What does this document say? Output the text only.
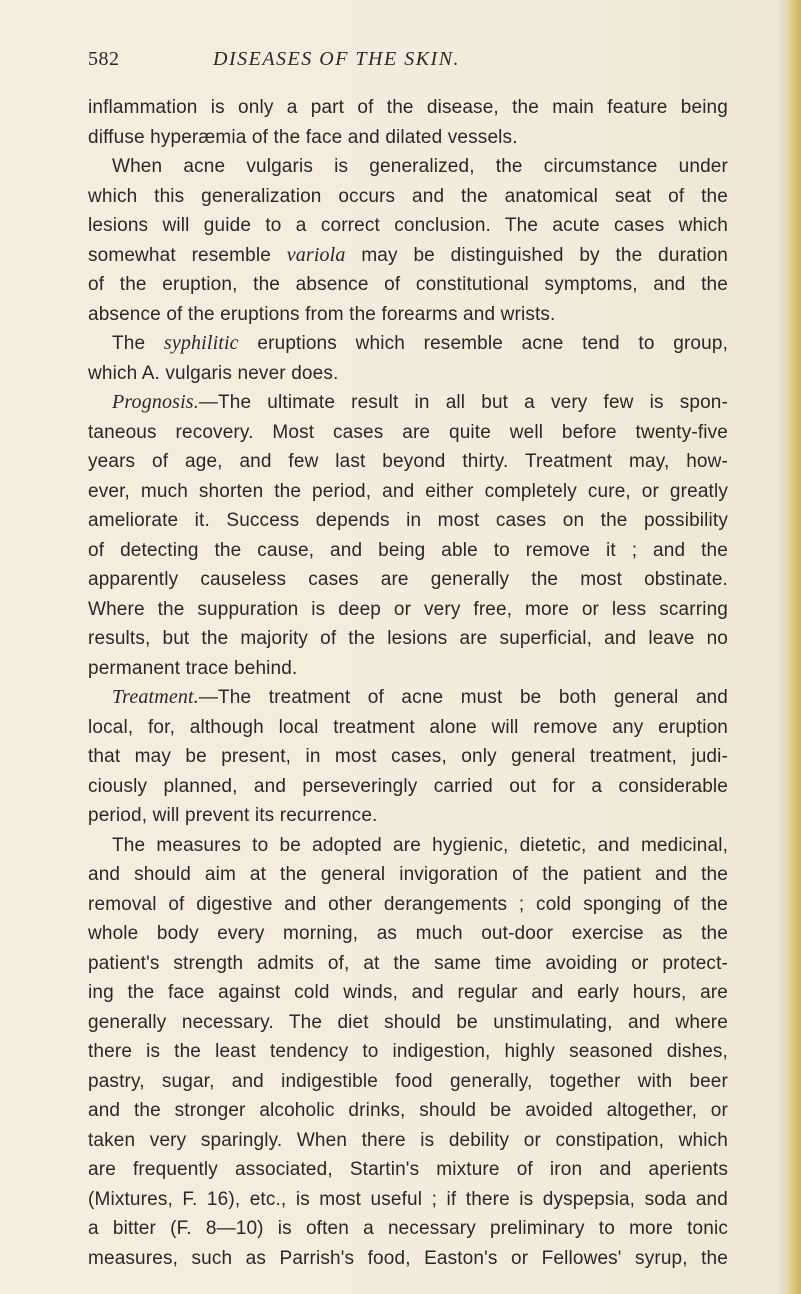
582	DISEASES OF THE SKIN.
inflammation is only a part of the disease, the main feature being
diffuse hyperæmia of the face and dilated vessels.
When acne vulgaris is generalized, the circumstance under
which this generalization occurs and the anatomical seat of the
lesions will guide to a correct conclusion. The acute cases which
somewhat resemble variola may be distinguished by the duration
of the eruption, the absence of constitutional symptoms, and the
absence of the eruptions from the forearms and wrists.
The syphilitic eruptions which resemble acne tend to group,
which A. vulgaris never does.
Prognosis.—The ultimate result in all but a very few is spon-
taneous recovery. Most cases are quite well before twenty-five
years of age, and few last beyond thirty. Treatment may, how-
ever, much shorten the period, and either completely cure, or greatly
ameliorate it. Success depends in most cases on the possibility
of detecting the cause, and being able to remove it ; and the
apparently causeless cases are generally the most obstinate.
Where the suppuration is deep or very free, more or less scarring
results, but the majority of the lesions are superficial, and leave no
permanent trace behind.
Treatment.—The treatment of acne must be both general and
local, for, although local treatment alone will remove any eruption
that may be present, in most cases, only general treatment, judi-
ciously planned, and perseveringly carried out for a considerable
period, will prevent its recurrence.
The measures to be adopted are hygienic, dietetic, and medicinal,
and should aim at the general invigoration of the patient and the
removal of digestive and other derangements ; cold sponging of the
whole body every morning, as much out-door exercise as the
patient's strength admits of, at the same time avoiding or protect-
ing the face against cold winds, and regular and early hours, are
generally necessary. The diet should be unstimulating, and where
there is the least tendency to indigestion, highly seasoned dishes,
pastry, sugar, and indigestible food generally, together with beer
and the stronger alcoholic drinks, should be avoided altogether, or
taken very sparingly. When there is debility or constipation, which
are frequently associated, Startin's mixture of iron and aperients
(Mixtures, F. 16), etc., is most useful ; if there is dyspepsia, soda and
a bitter (F. 8—10) is often a necessary preliminary to more tonic
measures, such as Parrish's food, Easton's or Fellowes' syrup, the
